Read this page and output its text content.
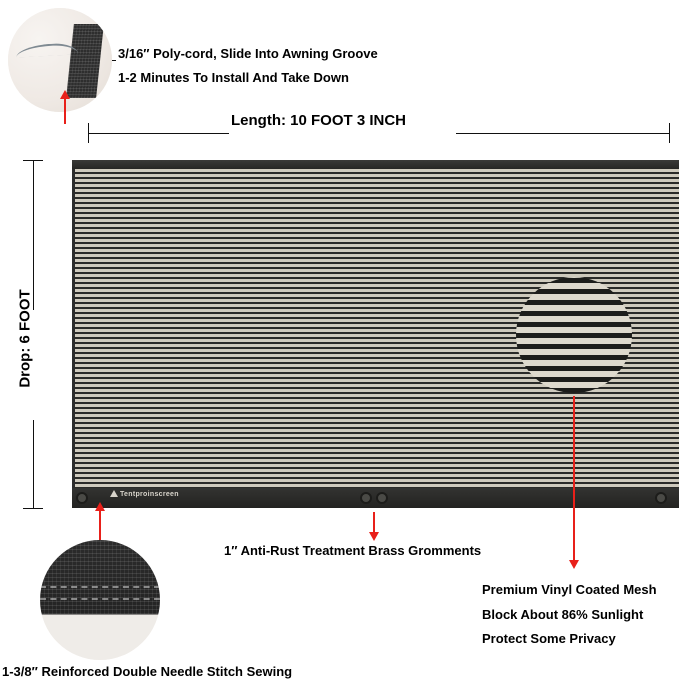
Tentproinscreen
Length: 10 FOOT 3 INCH
Drop: 6 FOOT
3/16″ Poly-cord, Slide Into Awning Groove
1-2 Minutes To Install And Take Down
1″ Anti-Rust Treatment Brass Gromments
Premium Vinyl Coated Mesh
Block About 86% Sunlight
Protect Some Privacy
1-3/8″ Reinforced Double Needle Stitch Sewing
